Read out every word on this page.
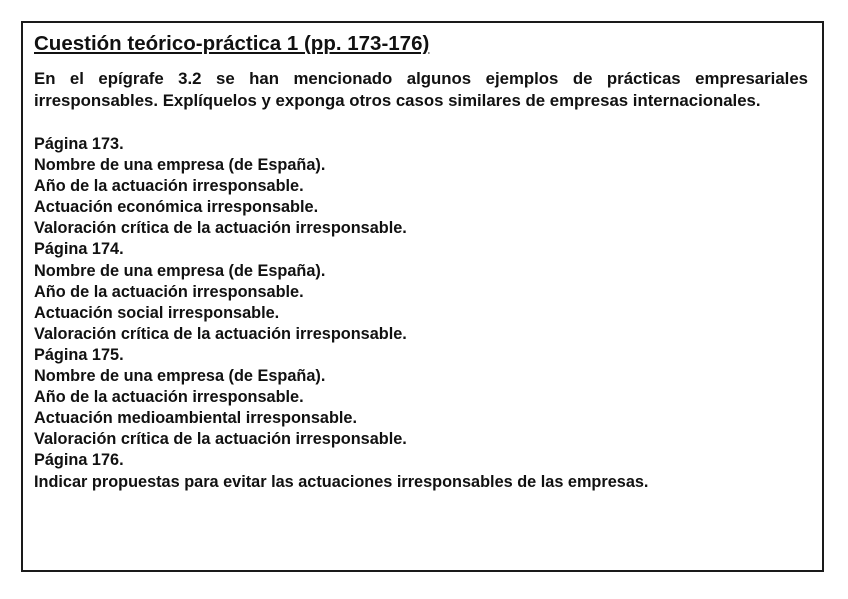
Cuestión teórico-práctica 1 (pp. 173-176)
En el epígrafe 3.2 se han mencionado algunos ejemplos de prácticas empresariales irresponsables. Explíquelos y exponga otros casos similares de empresas internacionales.
Página 173.
Nombre de una empresa (de España).
Año de la actuación irresponsable.
Actuación económica irresponsable.
Valoración crítica de la actuación irresponsable.
Página 174.
Nombre de una empresa (de España).
Año de la actuación irresponsable.
Actuación social irresponsable.
Valoración crítica de la actuación irresponsable.
Página 175.
Nombre de una empresa (de España).
Año de la actuación irresponsable.
Actuación medioambiental irresponsable.
Valoración crítica de la actuación irresponsable.
Página 176.
Indicar propuestas para evitar las actuaciones irresponsables de las empresas.
